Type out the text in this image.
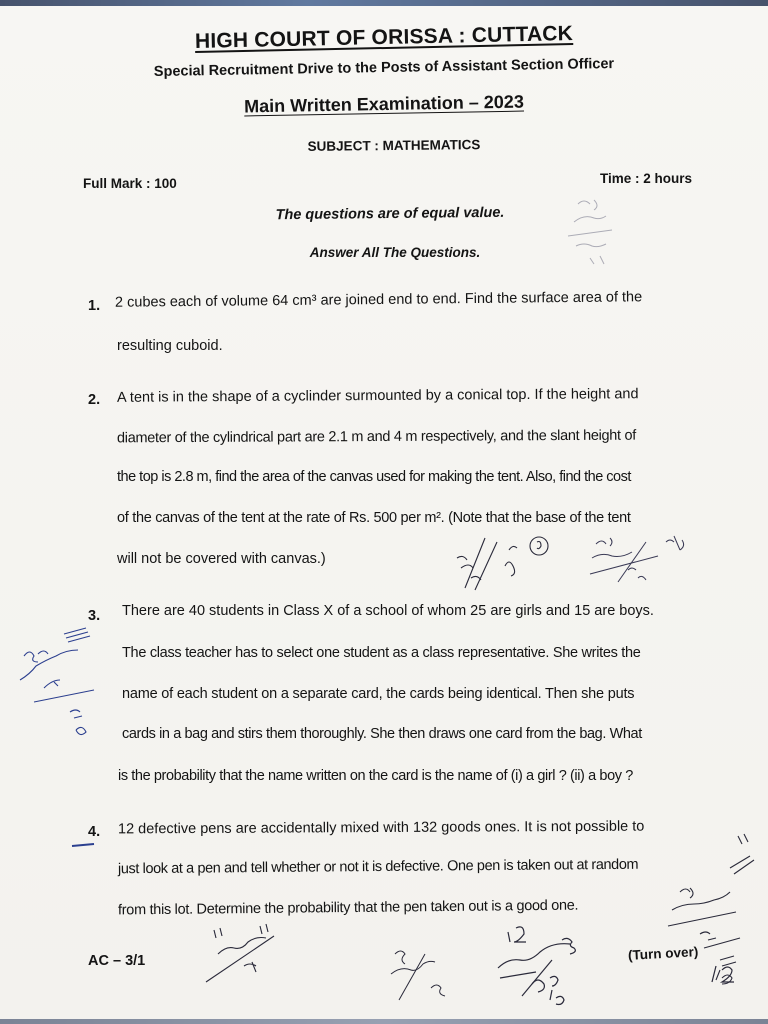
HIGH COURT OF ORISSA : CUTTACK
Special Recruitment Drive to the Posts of Assistant Section Officer
Main Written Examination – 2023
SUBJECT : MATHEMATICS
Full Mark : 100	Time : 2 hours
The questions are of equal value.
Answer All The Questions.
1. 2 cubes each of volume 64 cm³ are joined end to end. Find the surface area of the
resulting cuboid.
2. A tent is in the shape of a cyclinder surmounted by a conical top. If the height and
diameter of the cylindrical part are 2.1 m and 4 m respectively, and the slant height of
the top is 2.8 m, find the area of the canvas used for making the tent. Also, find the cost
of the canvas of the tent at the rate of Rs. 500 per m². (Note that the base of the tent
will not be covered with canvas.)
3. There are 40 students in Class X of a school of whom 25 are girls and 15 are boys.
The class teacher has to select one student as a class representative. She writes the
name of each student on a separate card, the cards being identical. Then she puts
cards in a bag and stirs them thoroughly. She then draws one card from the bag. What
is the probability that the name written on the card is the name of (i) a girl ? (ii) a boy ?
4. 12 defective pens are accidentally mixed with 132 goods ones. It is not possible to
just look at a pen and tell whether or not it is defective. One pen is taken out at random
from this lot. Determine the probability that the pen taken out is a good one.
AC – 3/1	(Turn over)
